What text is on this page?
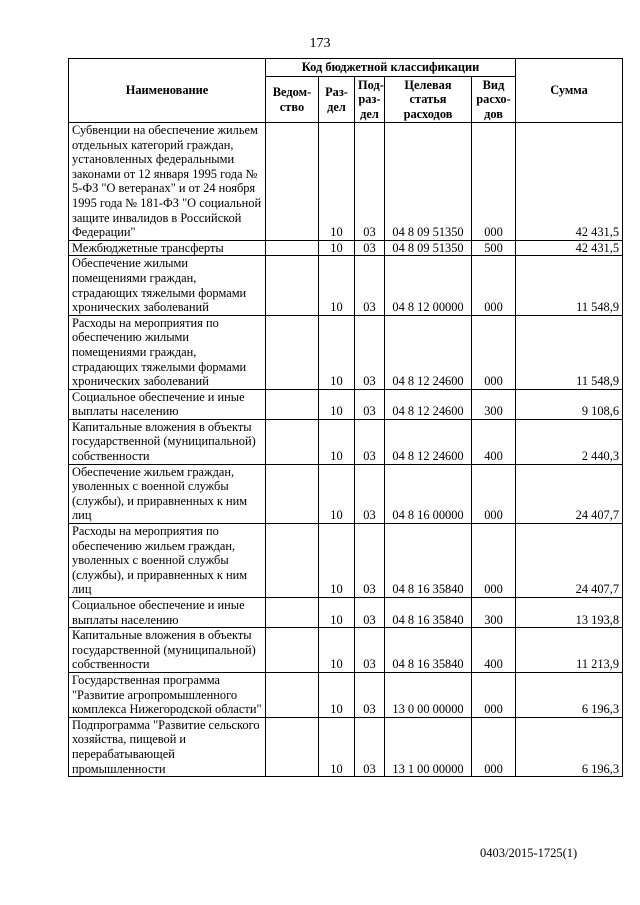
173
Наименование	Код бюджетной классификации					Сумма
	Ведом-ство	Раз-дел	Под-раз-дел	Целевая статья расходов	Вид расхо-дов	
Субвенции на обеспечение жильем отдельных категорий граждан, установленных федеральными законами от 12 января 1995 года № 5-ФЗ "О ветеранах" и от 24 ноября 1995 года № 181-ФЗ "О социальной защите инвалидов в Российской Федерации"		10	03	04 8 09 51350	000	42 431,5
Межбюджетные трансферты		10	03	04 8 09 51350	500	42 431,5
Обеспечение жилыми помещениями граждан, страдающих тяжелыми формами хронических заболеваний		10	03	04 8 12 00000	000	11 548,9
Расходы на мероприятия по обеспечению жилыми помещениями граждан, страдающих тяжелыми формами хронических заболеваний		10	03	04 8 12 24600	000	11 548,9
Социальное обеспечение и иные выплаты населению		10	03	04 8 12 24600	300	9 108,6
Капитальные вложения в объекты государственной (муниципальной) собственности		10	03	04 8 12 24600	400	2 440,3
Обеспечение жильем граждан, уволенных с военной службы (службы), и приравненных к ним лиц		10	03	04 8 16 00000	000	24 407,7
Расходы на мероприятия по обеспечению жильем граждан, уволенных с военной службы (службы), и приравненных к ним лиц		10	03	04 8 16 35840	000	24 407,7
Социальное обеспечение и иные выплаты населению		10	03	04 8 16 35840	300	13 193,8
Капитальные вложения в объекты государственной (муниципальной) собственности		10	03	04 8 16 35840	400	11 213,9
Государственная программа "Развитие агропромышленного комплекса Нижегородской области"		10	03	13 0 00 00000	000	6 196,3
Подпрограмма "Развитие сельского хозяйства, пищевой и перерабатывающей промышленности		10	03	13 1 00 00000	000	6 196,3
0403/2015-1725(1)
